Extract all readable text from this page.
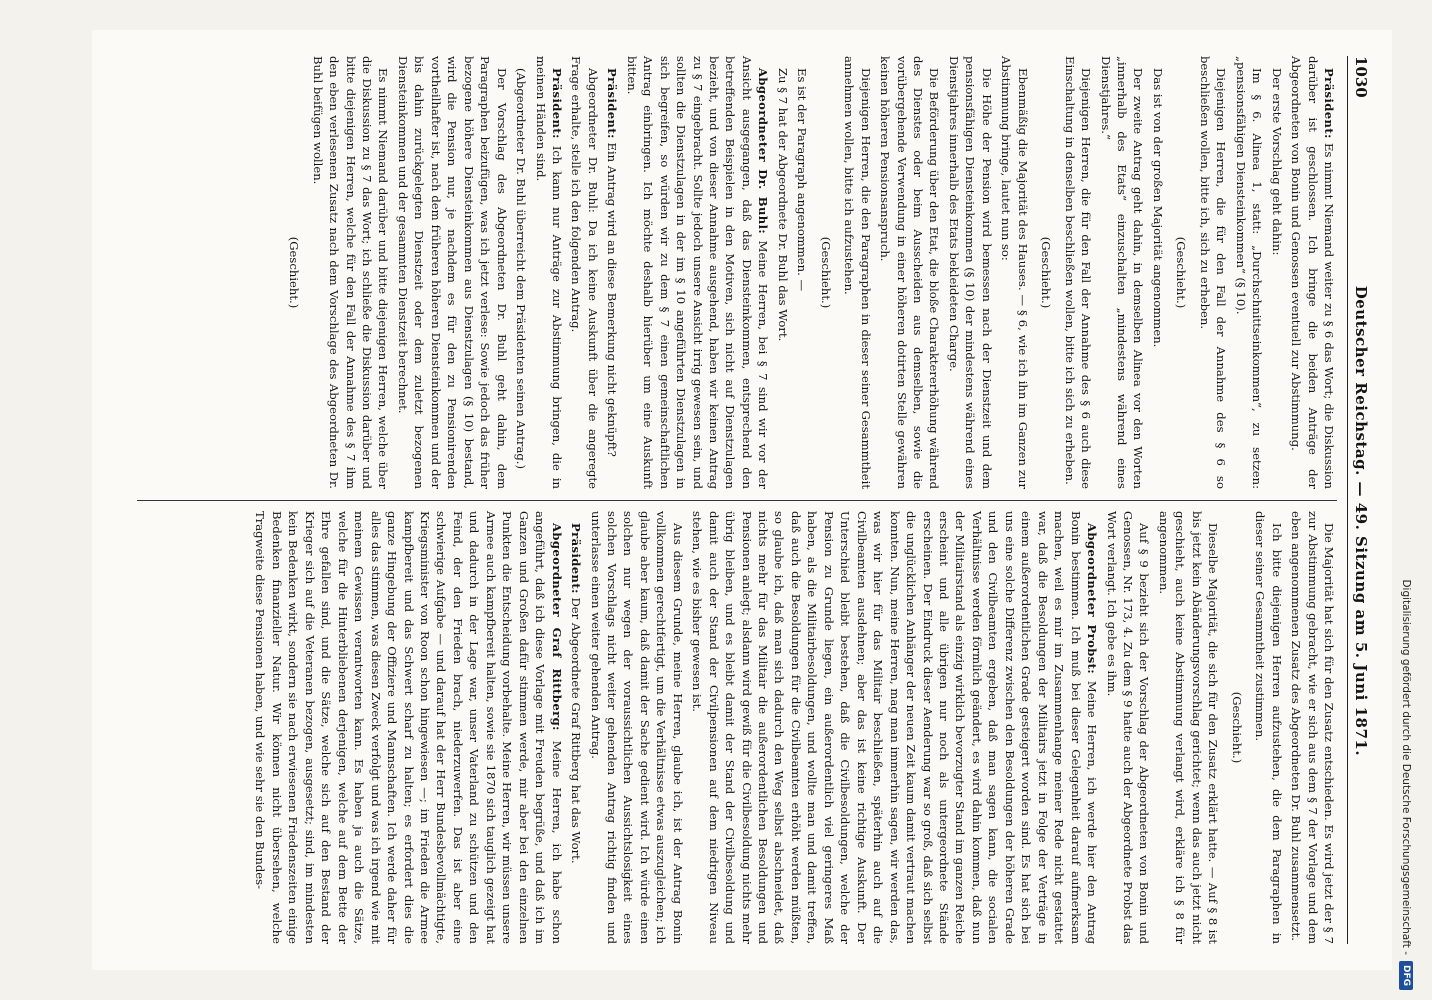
1030
Deutscher Reichstag. — 49. Sitzung am 5. Juni 1871.

Präsident: Es nimmt Niemand weiter zu § 6 das Wort; die Diskussion darüber ist geschlossen. Ich bringe die beiden Anträge der Abgeordneten von Bonin und Genossen eventuell zur Abstimmung.

Der erste Vorschlag geht dahin:

Im § 6. Alinea 1, statt: „Durchschnittseinkommen“, zu setzen: „pensionsfähigen Diensteinkommen“ (§ 10).

Diejenigen Herren, die für den Fall der Annahme des § 6 so beschließen wollen, bitte ich, sich zu erheben.

(Geschieht.)

Das ist von der großen Majorität angenommen.

Der zweite Antrag geht dahin, in demselben Alinea vor den Worten „innerhalb des Etats“ einzuschalten „mindestens während eines Dienstjahres.“

Diejenigen Herren, die für den Fall der Annahme des § 6 auch diese Einschaltung in denselben beschließen wollen, bitte ich sich zu erheben.

(Geschieht.)

Ebenmäßig die Majorität des Hauses. — § 6, wie ich ihn im Ganzen zur Abstimmung bringe, lautet nun so:

Die Höhe der Pension wird bemessen nach der Dienstzeit und dem pensionsfähigen Diensteinkommen (§ 10) der mindestens während eines Dienstjahres innerhalb des Etats bekleideten Charge.

Die Beförderung über den Etat, die bloße Charaktererhöhung während des Dienstes oder beim Ausscheiden aus demselben, sowie die vorübergehende Verwendung in einer höheren dotirten Stelle gewähren keinen höheren Pensionsanspruch.

Diejenigen Herren, die den Paragraphen in dieser seiner Gesammtheit annehmen wollen, bitte ich aufzustehen.

(Geschieht.)

Es ist der Paragraph angenommen. —

Zu § 7 hat der Abgeordnete Dr. Buhl das Wort.

Abgeordneter Dr. Buhl: Meine Herren, bei § 7 sind wir vor der Ansicht ausgegangen, daß das Diensteinkommen, entsprechend den betreffenden Beispielen in den Motiven, sich nicht auf Dienstzulagen bezieht, und von dieser Annahme ausgehend, haben wir keinen Antrag zu § 7 eingebracht. Sollte jedoch unsere Ansicht irrig gewesen sein, und sollten die Dienstzulagen in der im § 10 angeführten Dienstzulagen in sich begreifen, so würden wir zu dem § 7 einen gemeinschaftlichen Antrag einbringen. Ich möchte deshalb hierüber um eine Auskunft bitten.

Präsident: Ein Antrag wird an diese Bemerkung nicht geknüpft?

Abgeordneter Dr. Buhl: Da ich keine Auskunft über die angeregte Frage erhalte, stelle ich den folgenden Antrag.

Präsident: Ich kann nur Anträge zur Abstimmung bringen, die in meinen Händen sind.

(Abgeordneter Dr. Buhl überreicht dem Präsidenten seinen Antrag.)

Der Vorschlag des Abgeordneten Dr. Buhl geht dahin, dem Paragraphen beizufügen, was ich jetzt verlese: Sowie jedoch das früher bezogene höhere Diensteinkommen aus Dienstzulagen (§ 10) bestand, wird die Pension nur, je nachdem es für den zu Pensionirenden vortheilhafter ist, nach dem früheren höheren Diensteinkommen und der bis dahin zurückgelegten Dienstzeit oder dem zuletzt bezogenen Diensteinkommen und der gesammten Dienstzeit berechnet.

Es nimmt Niemand darüber und bitte diejenigen Herren, welche über die Diskussion zu § 7 das Wort; ich schließe die Diskussion darüber und bitte diejenigen Herren, welche für den Fall der Annahme des § 7 ihm den eben verlesenen Zusatz nach dem Vorschlage des Abgeordneten Dr. Buhl beifügen wollen.

(Geschieht.)

Die Majorität hat sich für den Zusatz entschieden. Es wird jetzt der § 7 zur Abstimmung gebracht, wie er sich aus dem § 7 der Vorlage und dem eben angenommenen Zusatz des Abgeordneten Dr. Buhl zusammensetzt.

Ich bitte diejenigen Herren aufzustehen, die dem Paragraphen in dieser seiner Gesammtheit zustimmen.

(Geschieht.)

Dieselbe Majorität, die sich für den Zusatz erklärt hatte. — Auf § 8 ist bis jetzt kein Abänderungsvorschlag gerichtet; wenn das auch jetzt nicht geschieht, auch keine Abstimmung verlangt wird, erkläre ich § 8 für angenommen.

Auf § 9 bezieht sich der Vorschlag der Abgeordneten von Bonin und Genossen, Nr. 173, 4. Zu dem § 9 hatte auch der Abgeordnete Probst das Wort verlangt. Ich gebe es ihm.

Abgeordneter Probst: Meine Herren, ich werde hier den Antrag Bonin bestimmen. Ich muß bei dieser Gelegenheit darauf aufmerksam machen, weil es mir im Zusammenhange meiner Rede nicht gestattet war, daß die Besoldungen der Militairs jetzt in Folge der Verträge in einem außerordentlichen Grade gesteigert worden sind. Es hat sich bei uns eine solche Differenz zwischen den Besoldungen der höheren Grade und den Civilbeamten ergeben, daß man sagen kann, die socialen Verhältnisse werden förmlich geändert, es wird dahin kommen, daß nun der Militairstand als einzig wirklich bevorzugter Stand im ganzen Reiche erscheint und alle übrigen nur noch als untergeordnete Stände erscheinen. Der Eindruck dieser Aenderung war so groß, daß sich selbst die unglücklichen Anhänger der neuen Zeit kaum damit vertraut machen konnten. Nun, meine Herren, mag man immerhin sagen, wir werden das, was wir hier für das Militair beschließen, späterhin auch auf die Civilbeamten ausdehnen; aber das ist keine richtige Auskunft. Der Unterschied bleibt bestehen, daß die Civilbesoldungen, welche der Pension zu Grunde liegen, ein außerordentlich viel geringeres Maß haben, als die Militairbesoldungen, und wollte man und damit treffen, daß auch die Besoldungen für die Civilbeamten erhöht werden müßten, so glaube ich, daß man sich dadurch den Weg selbst abschneidet, daß nichts mehr für das Militair die außerordentlichen Besoldungen und Pensionen anlegt; alsdann wird gewiß für die Civilbesoldung nichts mehr übrig bleiben, und es bleibt damit der Stand der Civilbesoldung und damit auch der Stand der Civilpensionen auf dem niedrigen Niveau stehen, wie es bisher gewesen ist.

Aus diesem Grunde, meine Herren, glaube ich, ist der Antrag Bonin vollkommen gerechtfertigt, um die Verhältnisse etwas auszugleichen; ich glaube aber kaum, daß damit der Sache gedient wird. Ich würde einen solchen nur wegen der voraussichtlichen Aussichtslosigkeit eines solchen Vorschlags nicht weiter gehenden Antrag richtig finden und unterlasse einen weiter gehenden Antrag.

Präsident: Der Abgeordnete Graf Rittberg hat das Wort.

Abgeordneter Graf Rittberg: Meine Herren, ich habe schon angeführt, daß ich diese Vorlage mit Freuden begrüße, und daß ich im Ganzen und Großen dafür stimmen werde, mir aber bei den einzelnen Punkten die Entscheidung vorbehalte. Meine Herren, wir müssen unsere Armee auch kampfbereit halten, sowie sie 1870 sich tauglich gezeigt hat und dadurch in der Lage war, unser Vaterland zu schützen und den Feind, der den Frieden brach, niederzuwerfen. Das ist aber eine schwierige Aufgabe — und darauf hat der Herr Bundesbevollmächtigte, Kriegsminister von Roon schon hingewiesen —; im Frieden die Armee kampfbereit und das Schwert scharf zu halten; es erfordert dies die ganze Hingebung der Offiziere und Mannschaften. Ich werde daher für alles das stimmen, was diesen Zweck verfolgt und was ich irgend wie mit meinem Gewissen verantworten kann. Es haben ja auch die Sätze, welche für die Hinterbliebenen derjenigen, welche auf dem Bette der Ehre gefallen sind, und die Sätze, welche sich auf den Bestand der Krieger sich auf die Veteranen bezogen, ausgesetzt; sind, im mindesten kein Bedenken wirkt, sondern sie nach erwiesenen Friedenszeiten einige Bedenken finanzieller Natur. Wir können nicht übersehen, welche Tragweite diese Pensionen haben, und wie sehr sie den Bundes-	Digitalisierung gefördert durch die Deutsche Forschungsgemeinschaft -
DFG
